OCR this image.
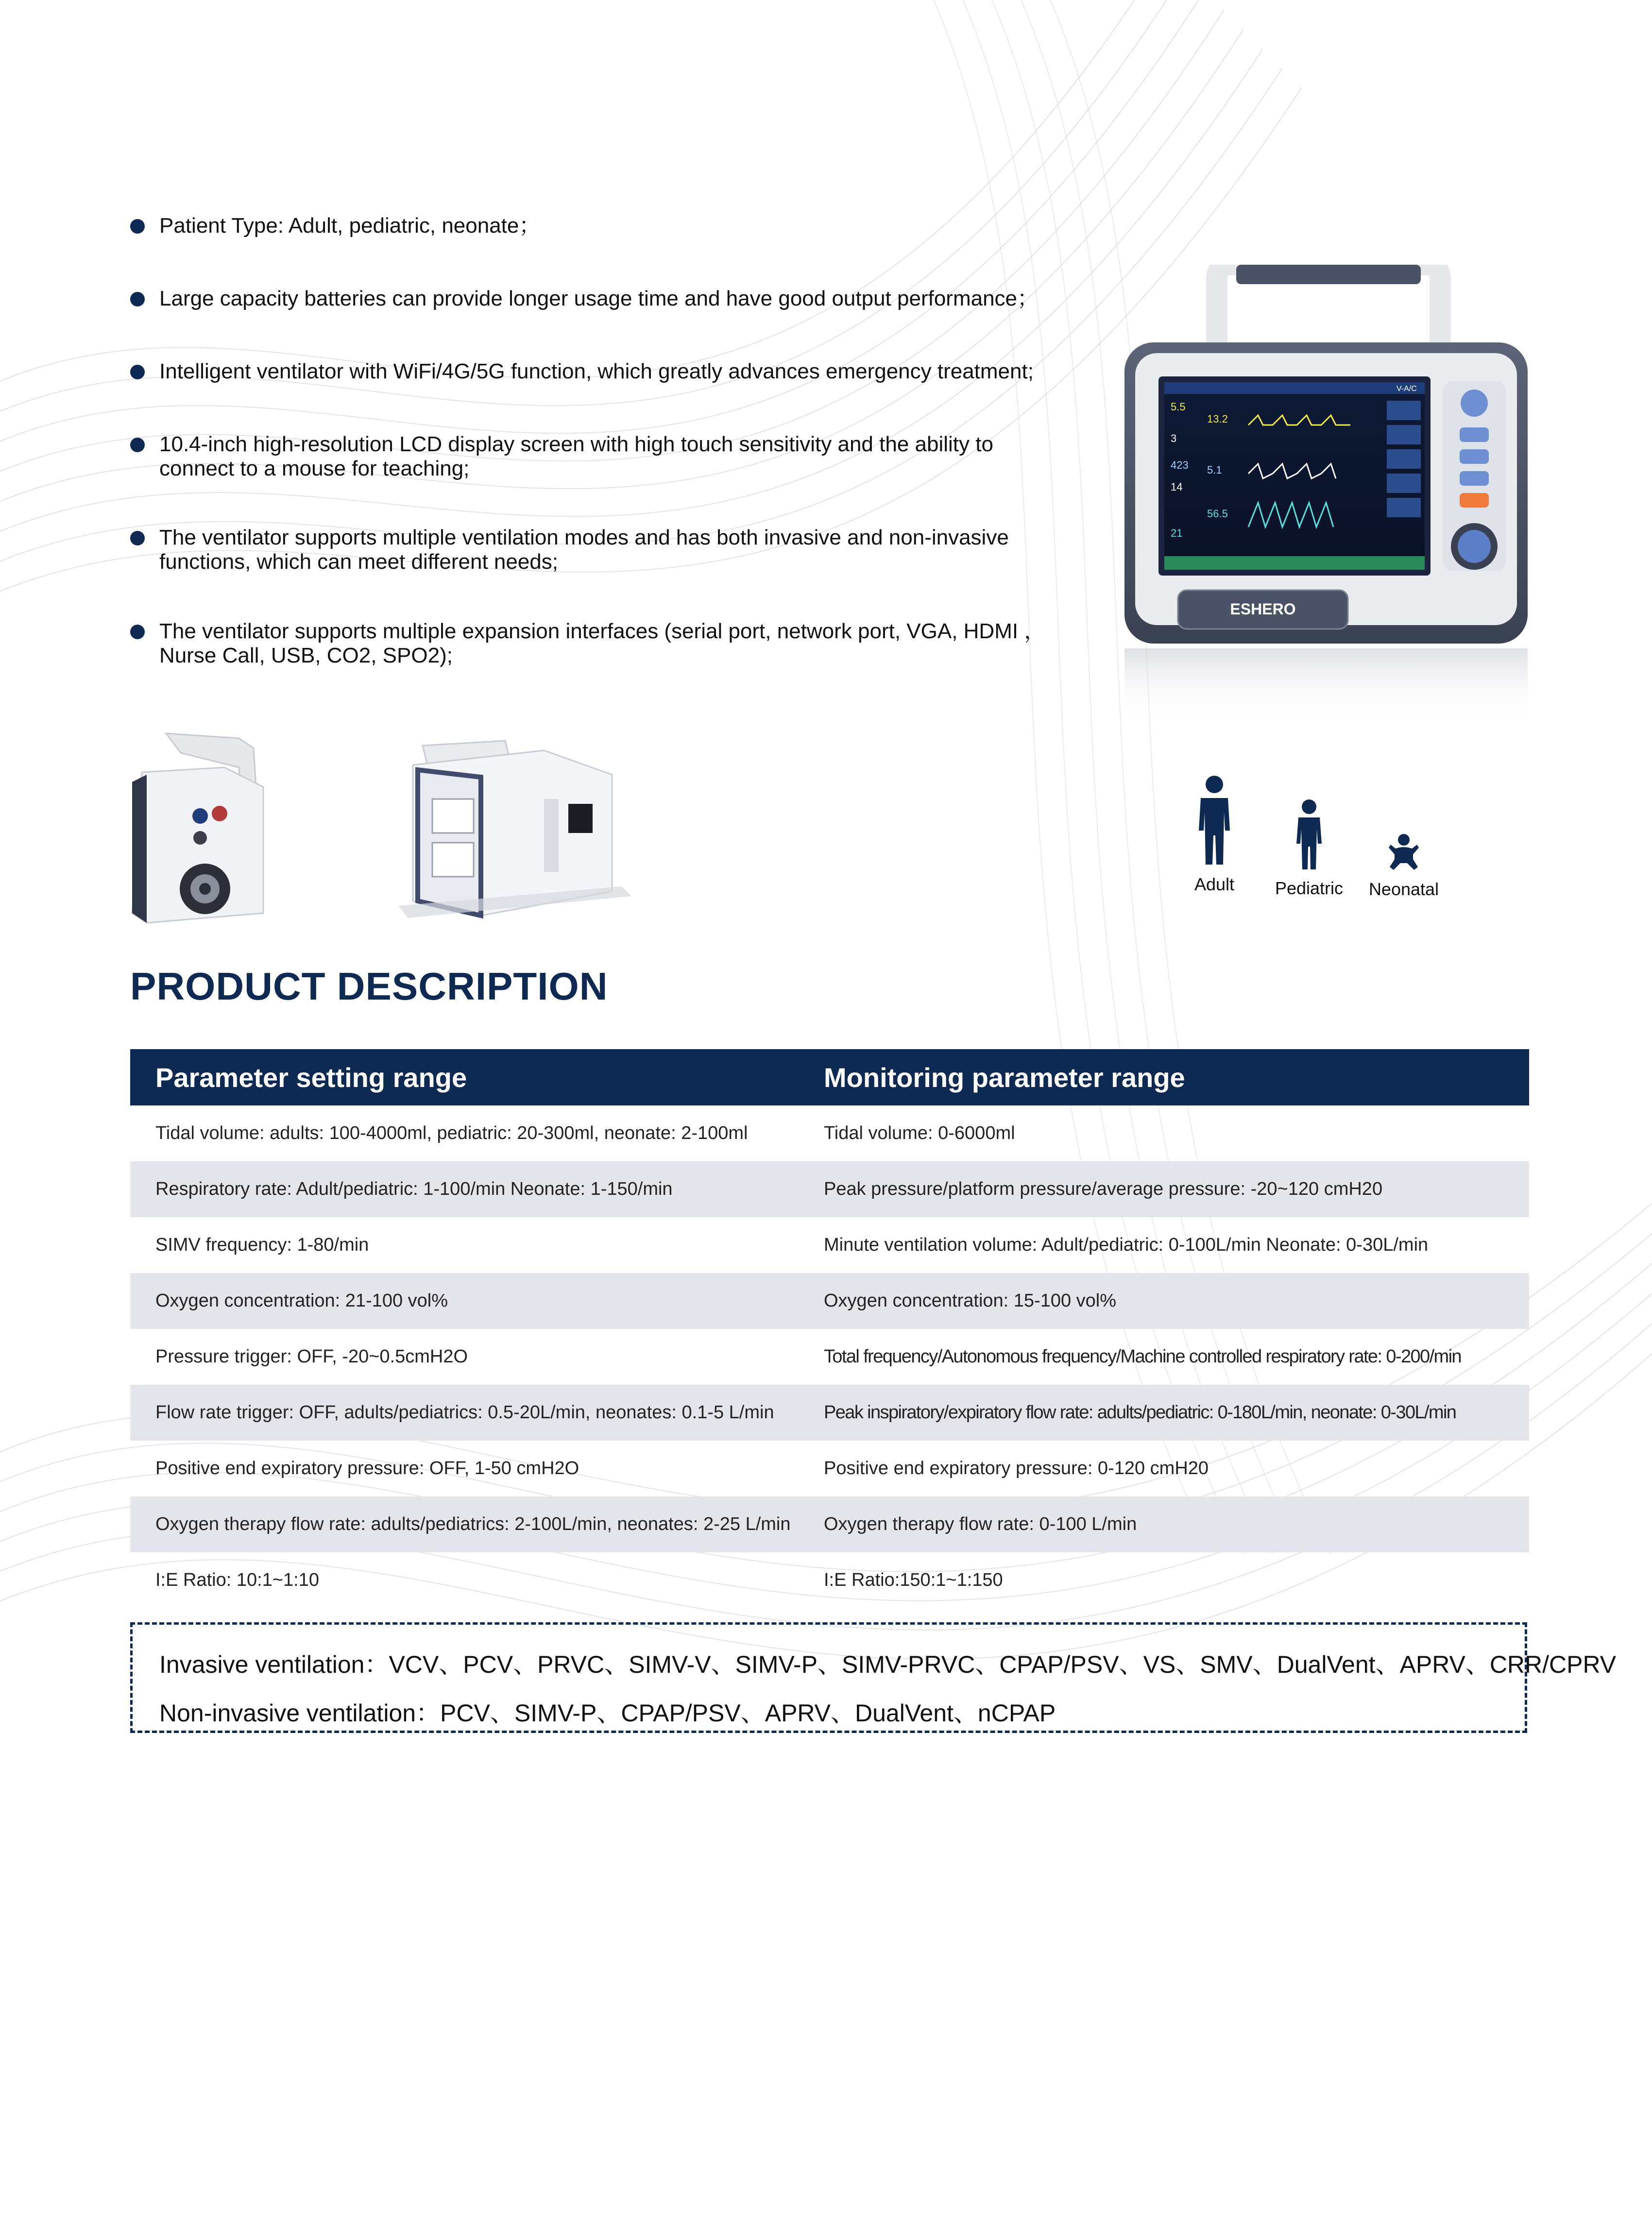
Patient Type: Adult, pediatric, neonate；
Large capacity batteries can provide longer usage time and have good output performance；
Intelligent ventilator with WiFi/4G/5G function, which greatly advances emergency treatment;
10.4-inch high-resolution LCD display screen with high touch sensitivity and the ability to connect to a mouse for teaching;
The ventilator supports multiple ventilation modes and has both invasive and non-invasive functions, which can meet different needs;
The ventilator supports multiple expansion interfaces (serial port, network port, VGA, HDMI ， Nurse Call, USB, CO2, SPO2);
V-A/C
5.5
13.2
3
423 5.1
14
56.5
21
ESHERO
Adult	Pediatric	Neonatal
PRODUCT DESCRIPTION
Parameter setting range	Monitoring parameter range
Tidal volume: adults: 100-4000ml, pediatric: 20-300ml, neonate: 2-100ml	Tidal volume: 0-6000ml
Respiratory rate: Adult/pediatric: 1-100/min Neonate: 1-150/min	Peak pressure/platform pressure/average pressure: -20~120 cmH20
SIMV frequency: 1-80/min	Minute ventilation volume: Adult/pediatric: 0-100L/min Neonate: 0-30L/min
Oxygen concentration: 21-100 vol%	Oxygen concentration: 15-100 vol%
Pressure trigger: OFF, -20~0.5cmH2O	Total frequency/Autonomous frequency/Machine controlled respiratory rate: 0-200/min
Flow rate trigger: OFF, adults/pediatrics: 0.5-20L/min, neonates: 0.1-5 L/min	Peak inspiratory/expiratory flow rate: adults/pediatric: 0-180L/min, neonate: 0-30L/min
Positive end expiratory pressure: OFF, 1-50 cmH2O	Positive end expiratory pressure: 0-120 cmH20
Oxygen therapy flow rate: adults/pediatrics: 2-100L/min, neonates: 2-25 L/min	Oxygen therapy flow rate: 0-100 L/min
I:E Ratio: 10:1~1:10	I:E Ratio:150:1~1:150
Invasive ventilation：VCV、PCV、PRVC、SIMV-V、SIMV-P、SIMV-PRVC、CPAP/PSV、VS、SMV、DualVent、APRV、CRR/CPRV
Non-invasive ventilation：PCV、SIMV-P、CPAP/PSV、APRV、DualVent、nCPAP
